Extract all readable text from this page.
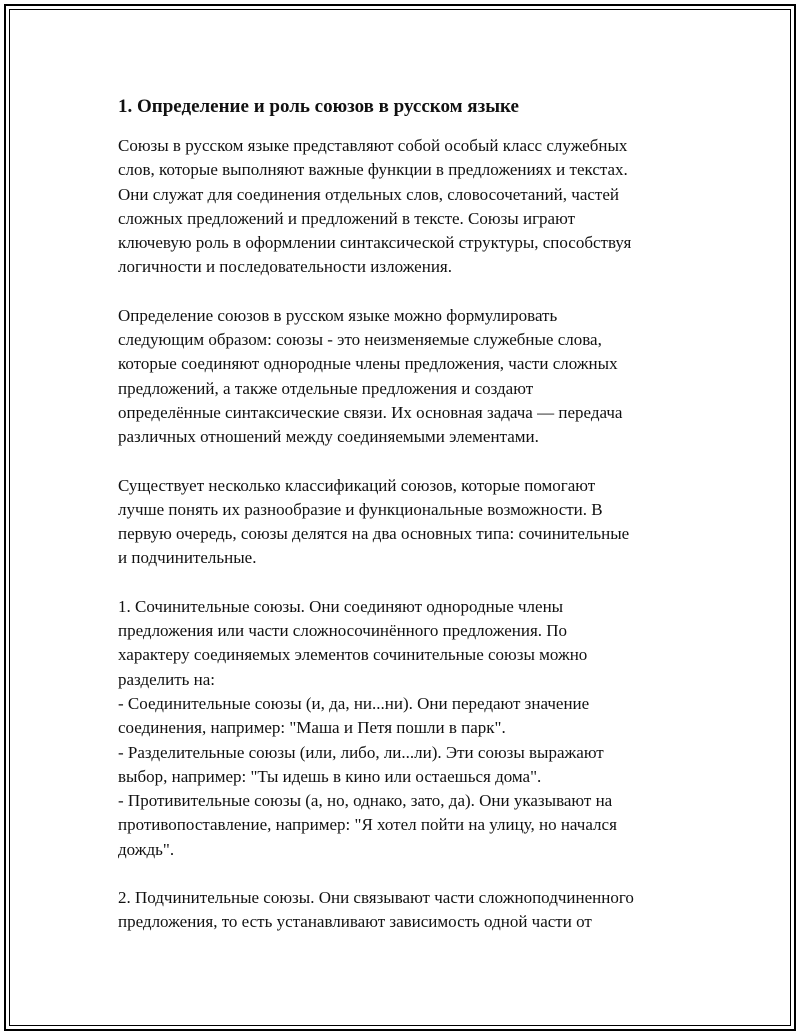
1. Определение и роль союзов в русском языке

Союзы в русском языке представляют собой особый класс служебных
слов, которые выполняют важные функции в предложениях и текстах.
Они служат для соединения отдельных слов, словосочетаний, частей
сложных предложений и предложений в тексте. Союзы играют
ключевую роль в оформлении синтаксической структуры, способствуя
логичности и последовательности изложения.

Определение союзов в русском языке можно формулировать
следующим образом: союзы - это неизменяемые служебные слова,
которые соединяют однородные члены предложения, части сложных
предложений, а также отдельные предложения и создают
определённые синтаксические связи. Их основная задача — передача
различных отношений между соединяемыми элементами.

Существует несколько классификаций союзов, которые помогают
лучше понять их разнообразие и функциональные возможности. В
первую очередь, союзы делятся на два основных типа: сочинительные
и подчинительные.

1. Сочинительные союзы. Они соединяют однородные члены
предложения или части сложносочинённого предложения. По
характеру соединяемых элементов сочинительные союзы можно
разделить на:
- Соединительные союзы (и, да, ни...ни). Они передают значение
соединения, например: "Маша и Петя пошли в парк".
- Разделительные союзы (или, либо, ли...ли). Эти союзы выражают
выбор, например: "Ты идешь в кино или остаешься дома".
- Противительные союзы (а, но, однако, зато, да). Они указывают на
противопоставление, например: "Я хотел пойти на улицу, но начался
дождь".

2. Подчинительные союзы. Они связывают части сложноподчиненного
предложения, то есть устанавливают зависимость одной части от
